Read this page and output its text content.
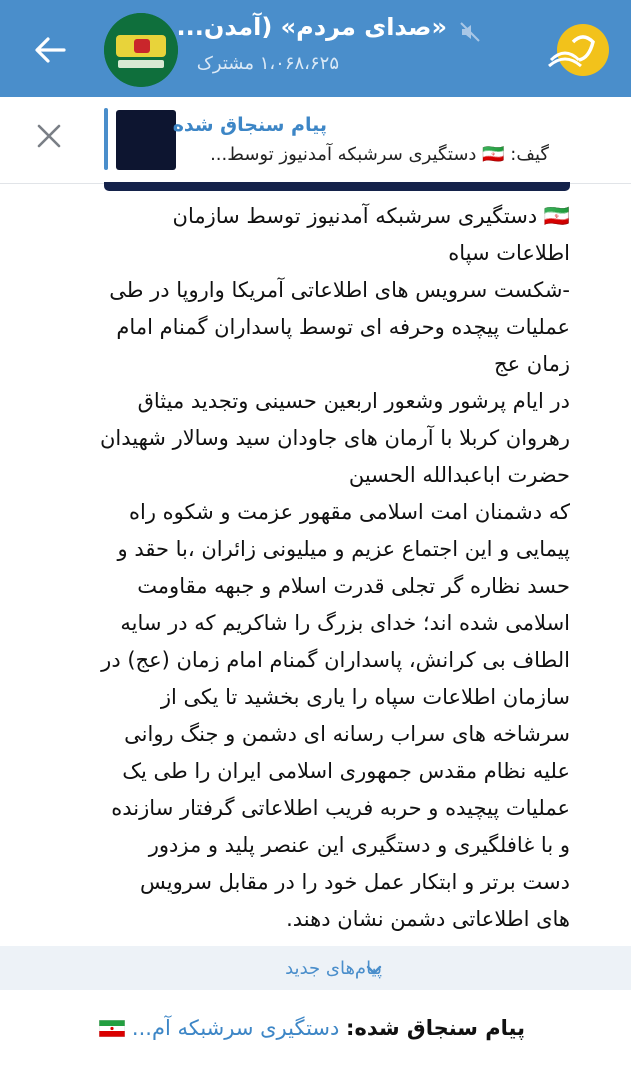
«صدای مردم» (آمدن...
۱،۰۶۸،۶۲۵ مشترک
پیام سنجاق شده
گیف: 🇮🇷 دستگیری سرشبکه آمدنیوز توسط...

🇮🇷 دستگیری سرشبکه آمدنیوز توسط سازمان اطلاعات سپاه
-شکست سرویس های اطلاعاتی آمریکا واروپا در طی عملیات پیچده وحرفه ای توسط پاسداران گمنام امام زمان عج
در ایام پرشور وشعور اربعین حسینی وتجدید میثاق رهروان کربلا با آرمان های جاودان سید وسالار شهیدان حضرت اباعبدالله الحسین
که دشمنان امت اسلامی مقهور عزمت و شکوه راه پیمایی و این اجتماع عزیم و میلیونی زائران ،با حقد و حسد نظاره گر تجلی قدرت اسلام و جبهه مقاومت اسلامی شده اند؛ خدای بزرگ را شاکریم که در سایه الطاف بی کرانش، پاسداران گمنام امام زمان (عج) در سازمان اطلاعات سپاه را یاری بخشید تا یکی از سرشاخه های سراب رسانه ای دشمن و جنگ روانی علیه نظام مقدس جمهوری اسلامی ایران را طی یک عملیات پیچیده و حربه فریب اطلاعاتی گرفتار سازنده و با غافلگیری و دستگیری این عنصر پلید و مزدور دست برتر و ابتکار عمل خود را در مقابل سرویس های اطلاعاتی دشمن نشان دهند.

پیام‌های جدید
پیام سنجاق شده: دستگیری سرشبکه آم...
